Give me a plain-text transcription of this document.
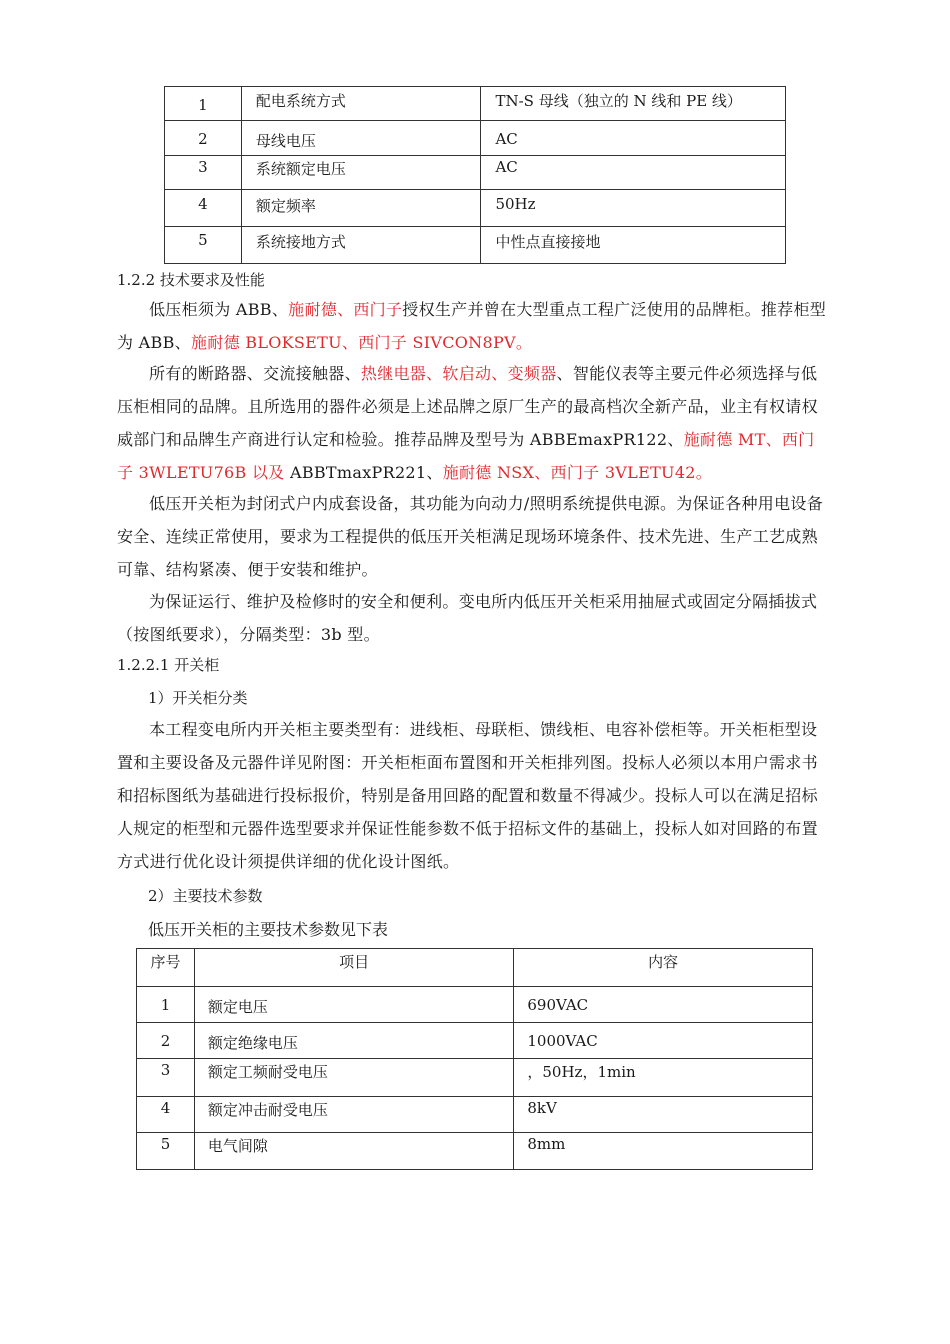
1	配电系统方式	TN-S 母线（独立的 N 线和 PE 线）
2	母线电压	AC
3	系统额定电压	AC
4	额定频率	50Hz
5	系统接地方式	中性点直接接地
1.2.2 技术要求及性能
低压柜须为 ABB、施耐德、西门子授权生产并曾在大型重点工程广泛使用的品牌柜。推荐柜型为 ABB、施耐德 BLOKSETU、西门子 SIVCON8PV。
所有的断路器、交流接触器、热继电器、软启动、变频器、智能仪表等主要元件必须选择与低压柜相同的品牌。且所选用的器件必须是上述品牌之原厂生产的最高档次全新产品，业主有权请权威部门和品牌生产商进行认定和检验。推荐品牌及型号为 ABBEmaxPR122、施耐德 MT、西门子 3WLETU76B 以及 ABBTmaxPR221、施耐德 NSX、西门子 3VLETU42。
低压开关柜为封闭式户内成套设备，其功能为向动力/照明系统提供电源。为保证各种用电设备安全、连续正常使用，要求为工程提供的低压开关柜满足现场环境条件、技术先进、生产工艺成熟可靠、结构紧凑、便于安装和维护。
为保证运行、维护及检修时的安全和便利。变电所内低压开关柜采用抽屉式或固定分隔插拔式（按图纸要求），分隔类型：3b 型。
1.2.2.1 开关柜
1）开关柜分类
本工程变电所内开关柜主要类型有：进线柜、母联柜、馈线柜、电容补偿柜等。开关柜柜型设置和主要设备及元器件详见附图：开关柜柜面布置图和开关柜排列图。投标人必须以本用户需求书和招标图纸为基础进行投标报价，特别是备用回路的配置和数量不得减少。投标人可以在满足招标人规定的柜型和元器件选型要求并保证性能参数不低于招标文件的基础上，投标人如对回路的布置方式进行优化设计须提供详细的优化设计图纸。
2）主要技术参数
低压开关柜的主要技术参数见下表
序号	项目	内容
1	额定电压	690VAC
2	额定绝缘电压	1000VAC
3	额定工频耐受电压	，50Hz，1min
4	额定冲击耐受电压	8kV
5	电气间隙	8mm
